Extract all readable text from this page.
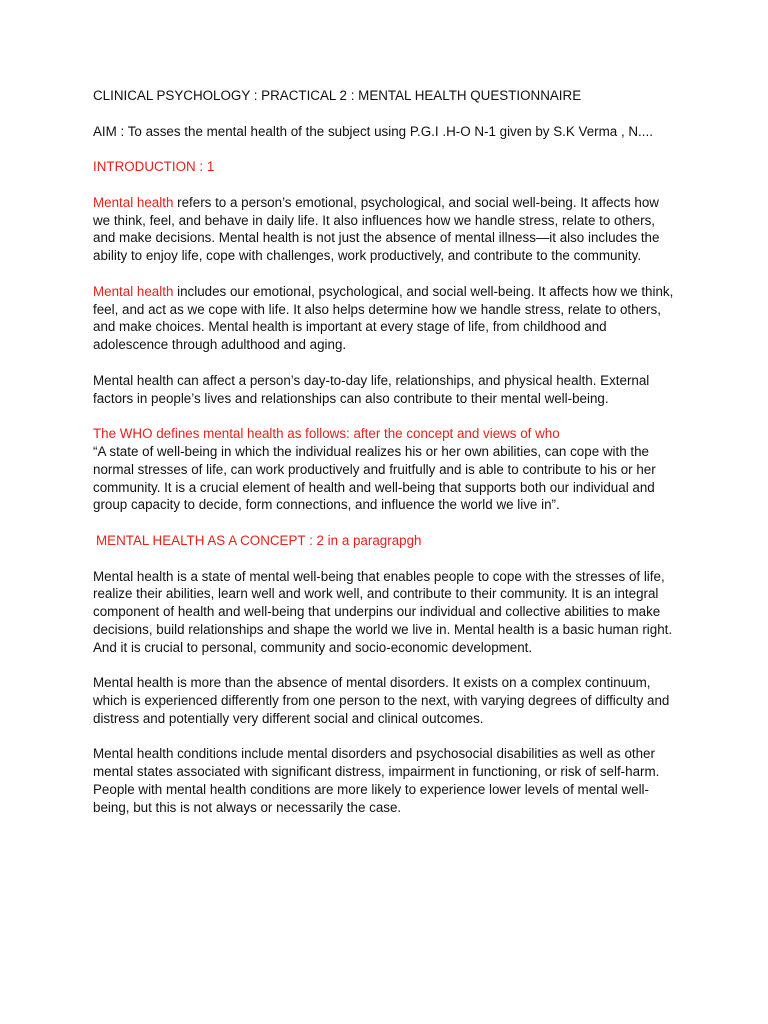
CLINICAL PSYCHOLOGY : PRACTICAL 2 : MENTAL HEALTH QUESTIONNAIRE

AIM : To asses the mental health of the subject using P.G.I .H-O N-1 given by S.K Verma , N....

INTRODUCTION : 1

Mental health refers to a person’s emotional, psychological, and social well-being. It affects how we think, feel, and behave in daily life. It also influences how we handle stress, relate to others, and make decisions. Mental health is not just the absence of mental illness—it also includes the ability to enjoy life, cope with challenges, work productively, and contribute to the community.

Mental health includes our emotional, psychological, and social well-being. It affects how we think, feel, and act as we cope with life. It also helps determine how we handle stress, relate to others, and make choices. Mental health is important at every stage of life, from childhood and adolescence through adulthood and aging.

Mental health can affect a person’s day-to-day life, relationships, and physical health. External factors in people’s lives and relationships can also contribute to their mental well-being.

The WHO defines mental health as follows: after the concept and views of who
“A state of well-being in which the individual realizes his or her own abilities, can cope with the normal stresses of life, can work productively and fruitfully and is able to contribute to his or her community. It is a crucial element of health and well-being that supports both our individual and group capacity to decide, form connections, and influence the world we live in”.

MENTAL HEALTH AS A CONCEPT : 2 in a paragrapgh

Mental health is a state of mental well-being that enables people to cope with the stresses of life, realize their abilities, learn well and work well, and contribute to their community. It is an integral component of health and well-being that underpins our individual and collective abilities to make decisions, build relationships and shape the world we live in. Mental health is a basic human right. And it is crucial to personal, community and socio-economic development.

Mental health is more than the absence of mental disorders. It exists on a complex continuum, which is experienced differently from one person to the next, with varying degrees of difficulty and distress and potentially very different social and clinical outcomes.

Mental health conditions include mental disorders and psychosocial disabilities as well as other mental states associated with significant distress, impairment in functioning, or risk of self-harm. People with mental health conditions are more likely to experience lower levels of mental well-being, but this is not always or necessarily the case.
